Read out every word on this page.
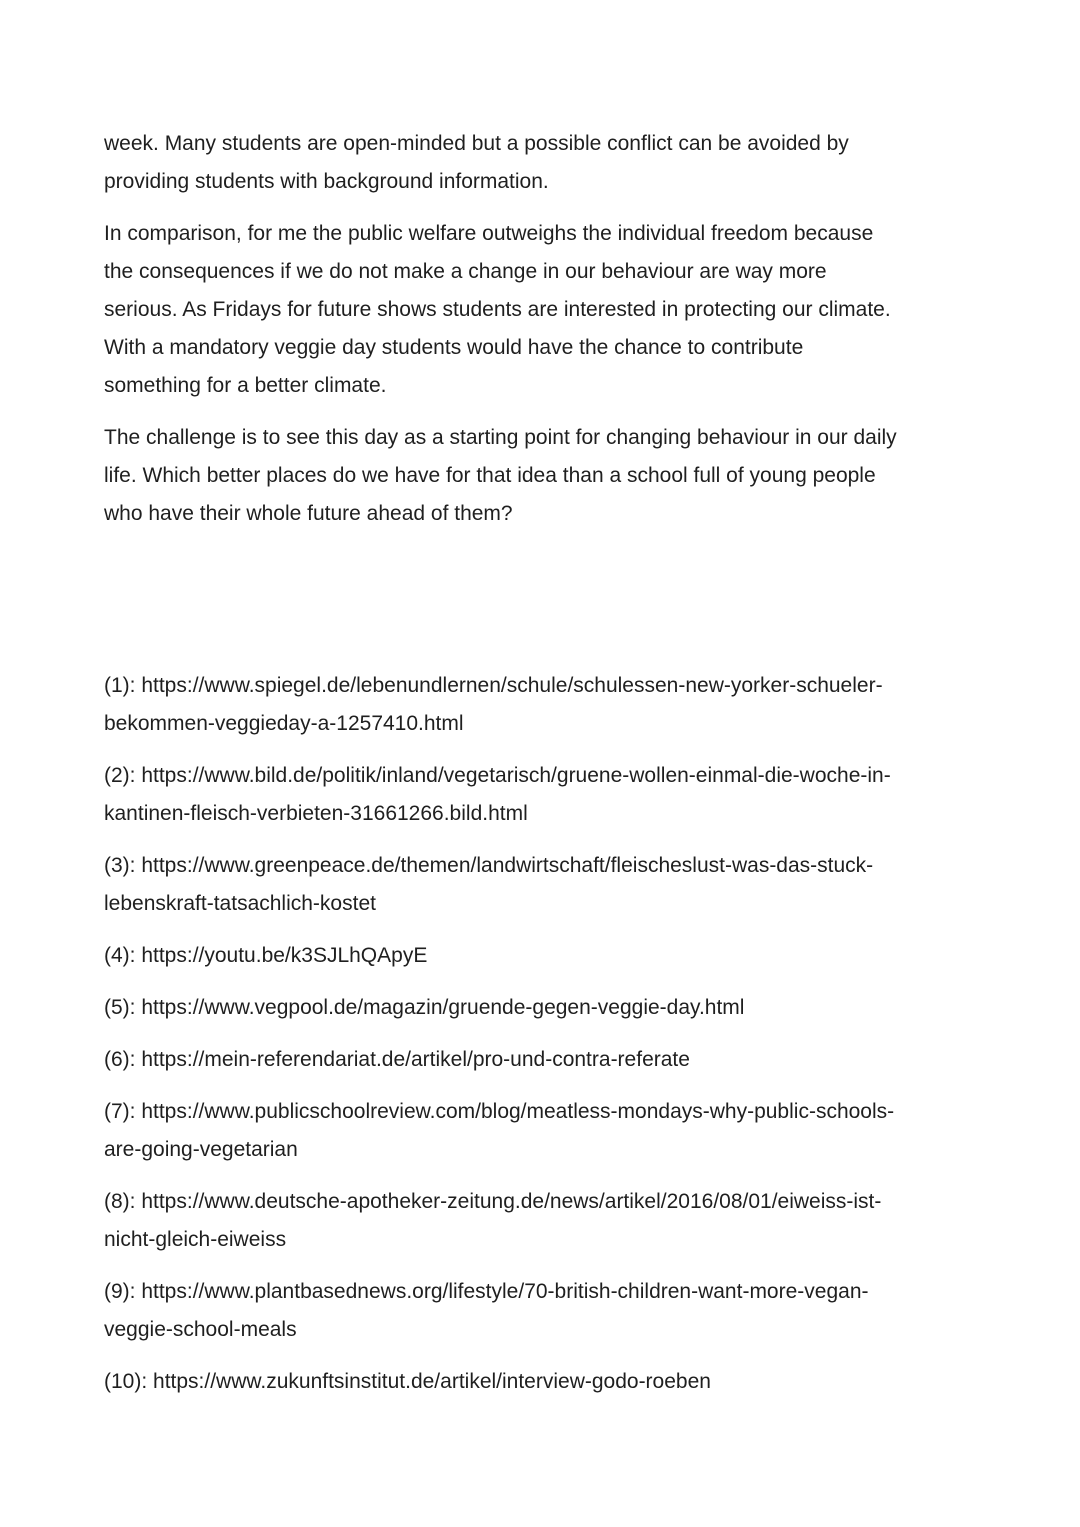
week. Many students are open-minded but a possible conflict can be avoided by
providing students with background information.
In comparison, for me the public welfare outweighs the individual freedom because
the consequences if we do not make a change in our behaviour are way more
serious. As Fridays for future shows students are interested in protecting our climate.
With a mandatory veggie day students would have the chance to contribute
something for a better climate.
The challenge is to see this day as a starting point for changing behaviour in our daily
life. Which better places do we have for that idea than a school full of young people
who have their whole future ahead of them?
(1): https://www.spiegel.de/lebenundlernen/schule/schulessen-new-yorker-schueler-
bekommen-veggieday-a-1257410.html
(2): https://www.bild.de/politik/inland/vegetarisch/gruene-wollen-einmal-die-woche-in-
kantinen-fleisch-verbieten-31661266.bild.html
(3): https://www.greenpeace.de/themen/landwirtschaft/fleischeslust-was-das-stuck-
lebenskraft-tatsachlich-kostet
(4): https://youtu.be/k3SJLhQApyE
(5): https://www.vegpool.de/magazin/gruende-gegen-veggie-day.html
(6): https://mein-referendariat.de/artikel/pro-und-contra-referate
(7): https://www.publicschoolreview.com/blog/meatless-mondays-why-public-schools-
are-going-vegetarian
(8): https://www.deutsche-apotheker-zeitung.de/news/artikel/2016/08/01/eiweiss-ist-
nicht-gleich-eiweiss
(9): https://www.plantbasednews.org/lifestyle/70-british-children-want-more-vegan-
veggie-school-meals
(10): https://www.zukunftsinstitut.de/artikel/interview-godo-roeben
